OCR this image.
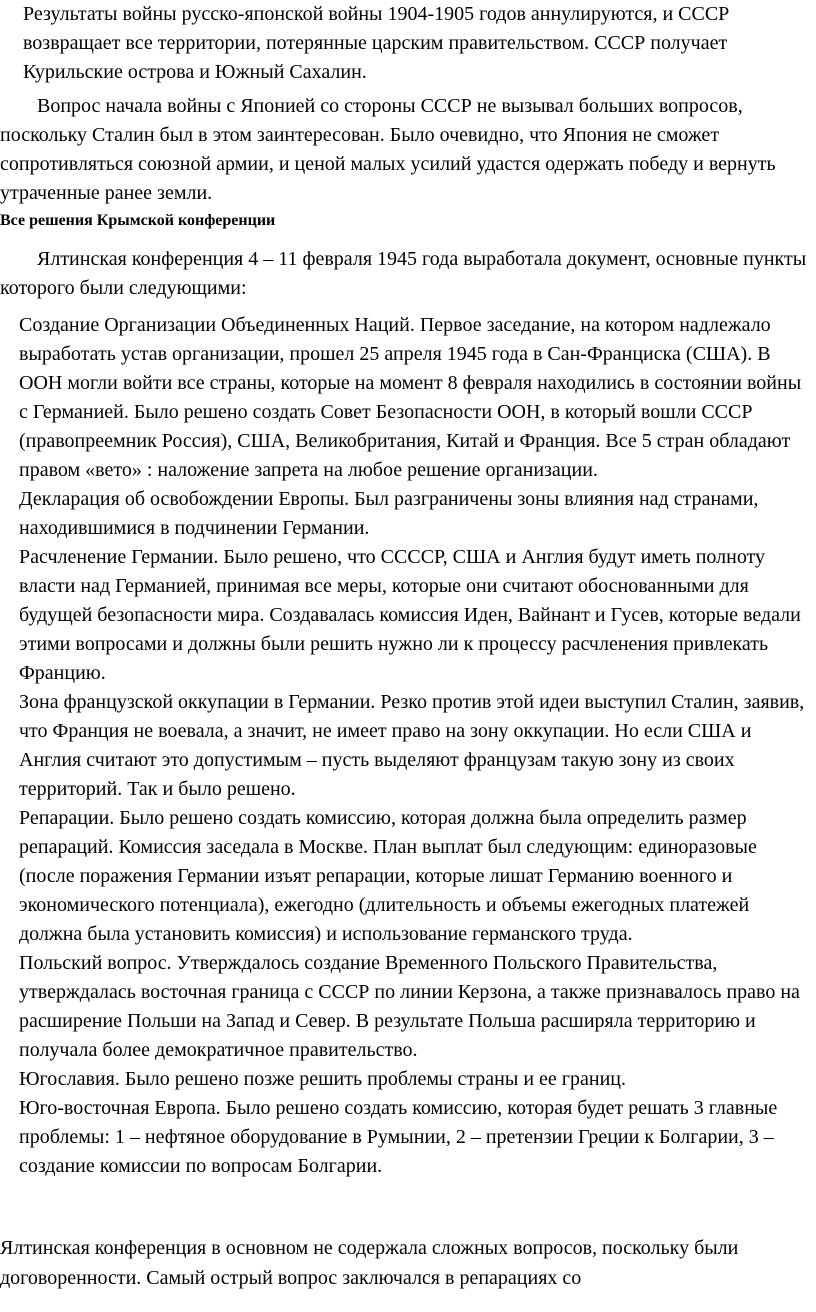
Результаты войны русско-японской войны 1904-1905 годов аннулируются, и СССР возвращает все территории, потерянные царским правительством. СССР получает Курильские острова и Южный Сахалин.

Вопрос начала войны с Японией со стороны СССР не вызывал больших вопросов, поскольку Сталин был в этом заинтересован. Было очевидно, что Япония не сможет сопротивляться союзной армии, и ценой малых усилий удастся одержать победу и вернуть утраченные ранее земли.

Все решения Крымской конференции

Ялтинская конференция 4 – 11 февраля 1945 года выработала документ, основные пункты которого были следующими:

Создание Организации Объединенных Наций. Первое заседание, на котором надлежало выработать устав организации, прошел 25 апреля 1945 года в Сан-Франциска (США). В ООН могли войти все страны, которые на момент 8 февраля находились в состоянии войны с Германией. Было решено создать Совет Безопасности ООН, в который вошли СССР (правопреемник Россия), США, Великобритания, Китай и Франция. Все 5 стран обладают правом «вето» : наложение запрета на любое решение организации.
Декларация об освобождении Европы. Был разграничены зоны влияния над странами, находившимися в подчинении Германии.
Расчленение Германии. Было решено, что СССCР, США и Англия будут иметь полноту власти над Германией, принимая все меры, которые они считают обоснованными для будущей безопасности мира. Создавалась комиссия Иден, Вайнант и Гусев, которые ведали этими вопросами и должны были решить нужно ли к процессу расчленения привлекать Францию.
Зона французской оккупации в Германии. Резко против этой идеи выступил Сталин, заявив, что Франция не воевала, а значит, не имеет право на зону оккупации. Но если США и Англия считают это допустимым – пусть выделяют французам такую зону из своих территорий. Так и было решено.
Репарации. Было решено создать комиссию, которая должна была определить размер репараций. Комиссия заседала в Москве. План выплат был следующим: единоразовые (после поражения Германии изъят репарации, которые лишат Германию военного и экономического потенциала), ежегодно (длительность и объемы ежегодных платежей должна была установить комиссия) и использование германского труда.
Польский вопрос. Утверждалось создание Временного Польского Правительства, утверждалась восточная граница с СССР по линии Керзона, а также признавалось право на расширение Польши на Запад и Север. В результате Польша расширяла территорию и получала более демократичное правительство.
Югославия. Было решено позже решить проблемы страны и ее границ.
Юго-восточная Европа. Было решено создать комиссию, которая будет решать 3 главные проблемы: 1 – нефтяное оборудование в Румынии, 2 – претензии Греции к Болгарии, 3 – создание комиссии по вопросам Болгарии.

Ялтинская конференция в основном не содержала сложных вопросов, поскольку были договоренности. Самый острый вопрос заключался в репарациях со
